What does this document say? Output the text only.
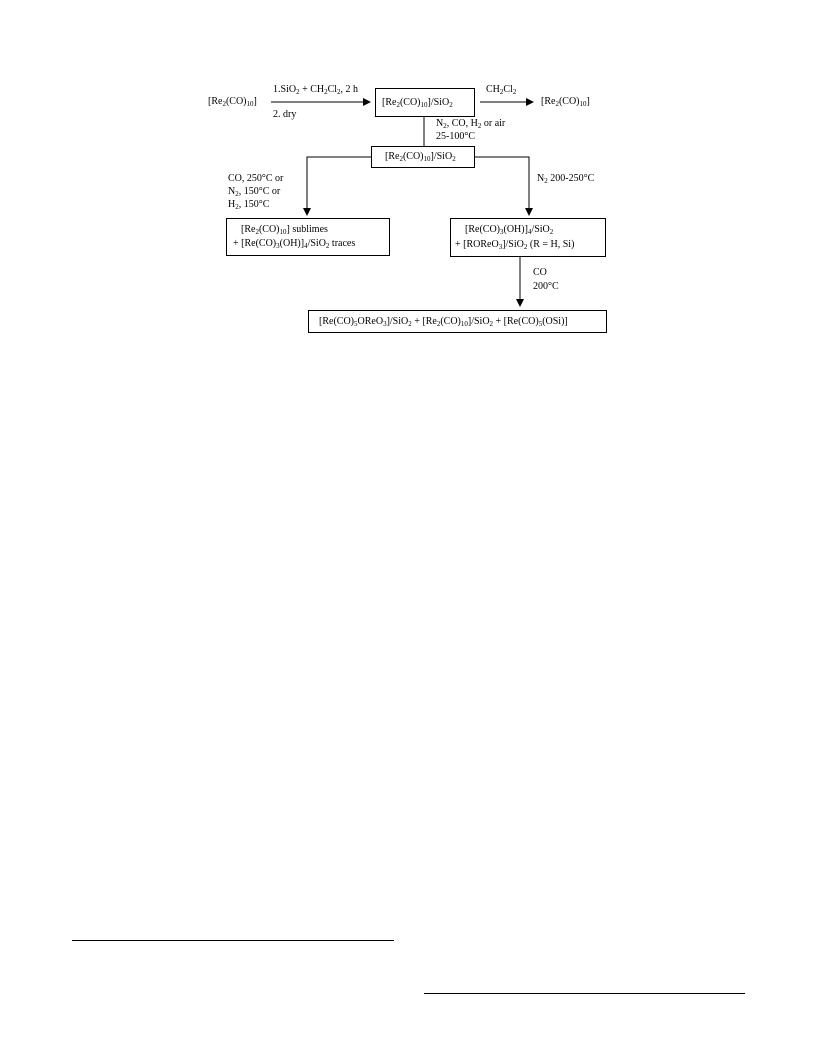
$[Re_2(CO)_{10}]$
$1.SiO_2 + CH_2Cl_2$, 2 h
2. dry
$[Re_2(CO)_{10}]/SiO_2$
$CH_2Cl_2$
$[Re_2(CO)_{10}]$
$N_2$, CO, $H_2$ or air
25-100°C
$[Re_2(CO)_{10}]/SiO_2$
CO, 250°C or
$N_2$, 150°C or
$H_2$, 150°C
$[Re_2(CO)_{10}]$ sublimes
+ $[Re(CO)_3(OH)]_4/SiO_2$ traces
$N_2$ 200-250°C
$[Re(CO)_3(OH)]_4/SiO_2$
+ [ROReO$_3$]/SiO$_2$ (R = H, Si)
CO
200°C
$[Re(CO)_5OReO_3]/SiO_2 + [Re_2(CO)_{10}]/SiO_2 + [Re(CO)_5(OSi)]$
